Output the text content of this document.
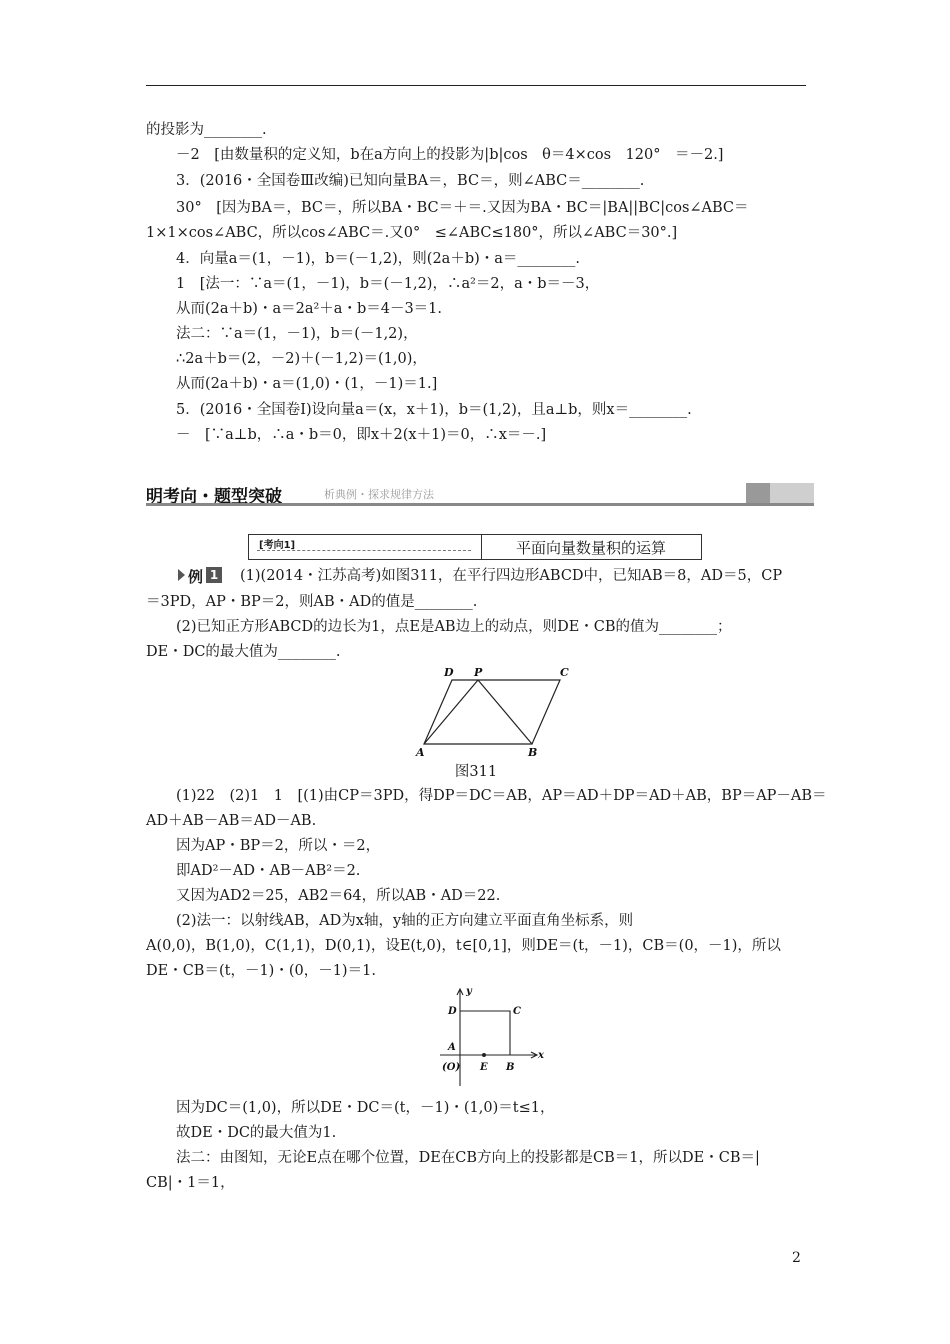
的投影为________.
－2　[由数量积的定义知，b在a方向上的投影为|b|cos　θ＝4×cos　120°　＝－2.]
3．(2016・全国卷Ⅲ改编)已知向量BA＝，BC＝，则∠ABC＝________.
30°　[因为BA＝，BC＝，所以BA・BC＝＋＝.又因为BA・BC＝|BA||BC|cos∠ABC＝
1×1×cos∠ABC，所以cos∠ABC＝.又0°　≤∠ABC≤180°，所以∠ABC＝30°.]
4．向量a＝(1，－1)，b＝(－1,2)，则(2a＋b)・a＝________.
1　[法一：∵a＝(1，－1)，b＝(－1,2)，∴a²＝2，a・b＝－3，
从而(2a＋b)・a＝2a²＋a・b＝4－3＝1.
法二：∵a＝(1，－1)，b＝(－1,2)，
∴2a＋b＝(2，－2)＋(－1,2)＝(1,0)，
从而(2a＋b)・a＝(1,0)・(1，－1)＝1.]
5．(2016・全国卷Ⅰ)设向量a＝(x，x＋1)，b＝(1,2)，且a⊥b，则x＝________.
－　[∵a⊥b，∴a・b＝0，即x＋2(x＋1)＝0，∴x＝－.]
明考向・题型突破	析典例・探求规律方法
[考向1]	平面向量数量积的运算
例 1 (1)(2014・江苏高考)如图311，在平行四边形ABCD中，已知AB＝8，AD＝5，CP
＝3PD，AP・BP＝2，则AB・AD的值是________.
(2)已知正方形ABCD的边长为1，点E是AB边上的动点，则DE・CB的值为________；
DE・DC的最大值为________.
D P	C
A	B
图311
(1)22　(2)1　1　[(1)由CP＝3PD，得DP＝DC＝AB，AP＝AD＋DP＝AD＋AB，BP＝AP－AB＝
AD＋AB－AB＝AD－AB.
因为AP・BP＝2，所以・＝2，
即AD²－AD・AB－AB²＝2.
又因为AD2＝25，AB2＝64，所以AB・AD＝22.
(2)法一：以射线AB，AD为x轴，y轴的正方向建立平面直角坐标系，则
A(0,0)，B(1,0)，C(1,1)，D(0,1)，设E(t,0)，t∈[0,1]，则DE＝(t，－1)，CB＝(0，－1)，所以
DE・CB＝(t，－1)・(0，－1)＝1.
y
x
D	C
A
(O) E B
因为DC＝(1,0)，所以DE・DC＝(t，－1)・(1,0)＝t≤1，
故DE・DC的最大值为1.
法二：由图知，无论E点在哪个位置，DE在CB方向上的投影都是CB＝1，所以DE・CB＝|
CB|・1＝1，
2
